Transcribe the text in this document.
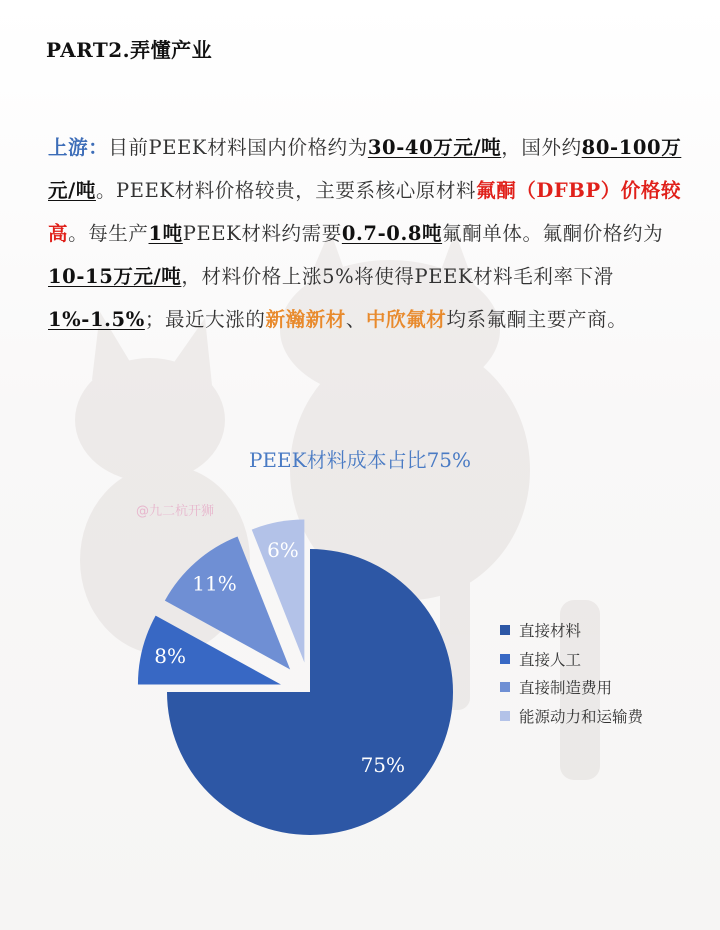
PART2.弄懂产业
上游：目前PEEK材料国内价格约为30-40万元/吨，国外约80-100万元/吨。PEEK材料价格较贵，主要系核心原材料氟酮（DFBP）价格较高。每生产1吨PEEK材料约需要0.7-0.8吨氟酮单体。氟酮价格约为10-15万元/吨，材料价格上涨5%将使得PEEK材料毛利率下滑1%-1.5%；最近大涨的新瀚新材、中欣氟材均系氟酮主要产商。
PEEK材料成本占比75%
75%
8%
11%
6%
@九二杭开狮
直接材料
直接人工
直接制造费用
能源动力和运输费
